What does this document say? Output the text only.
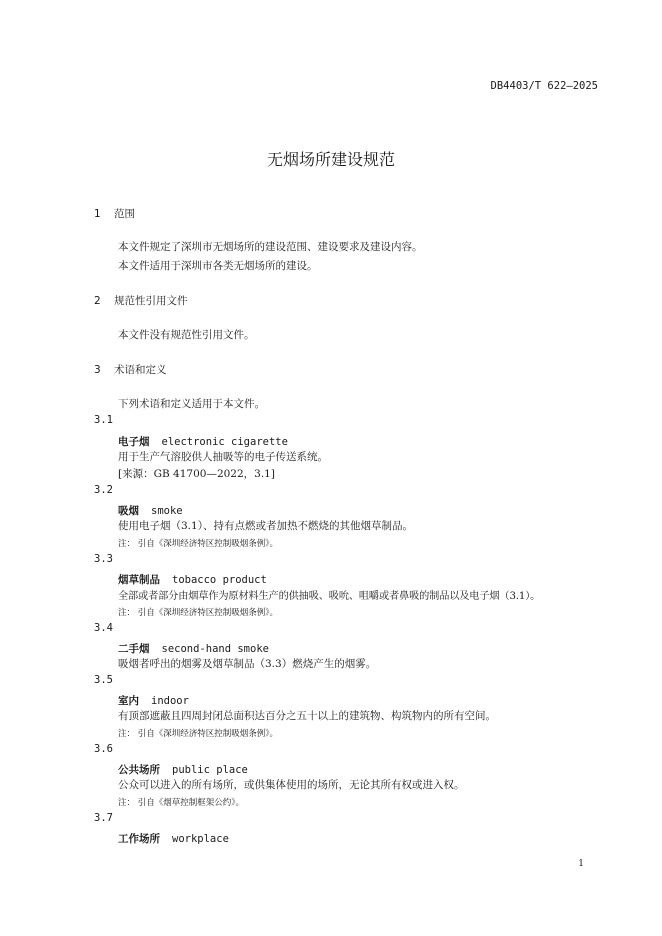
DB4403/T 622—2025
无烟场所建设规范
1 范围
本文件规定了深圳市无烟场所的建设范围、建设要求及建设内容。
本文件适用于深圳市各类无烟场所的建设。
2 规范性引用文件
本文件没有规范性引用文件。
3 术语和定义
下列术语和定义适用于本文件。
3.1
电子烟 electronic cigarette
用于生产气溶胶供人抽吸等的电子传送系统。
[来源：GB 41700—2022，3.1]
3.2
吸烟 smoke
使用电子烟（3.1）、持有点燃或者加热不燃烧的其他烟草制品。
注： 引自《深圳经济特区控制吸烟条例》。
3.3
烟草制品 tobacco product
全部或者部分由烟草作为原材料生产的供抽吸、吸吮、咀嚼或者鼻吸的制品以及电子烟（3.1）。
注： 引自《深圳经济特区控制吸烟条例》。
3.4
二手烟 second-hand smoke
吸烟者呼出的烟雾及烟草制品（3.3）燃烧产生的烟雾。
3.5
室内 indoor
有顶部遮蔽且四周封闭总面积达百分之五十以上的建筑物、构筑物内的所有空间。
注： 引自《深圳经济特区控制吸烟条例》。
3.6
公共场所 public place
公众可以进入的所有场所，或供集体使用的场所，无论其所有权或进入权。
注： 引自《烟草控制框架公约》。
3.7
工作场所 workplace
1
